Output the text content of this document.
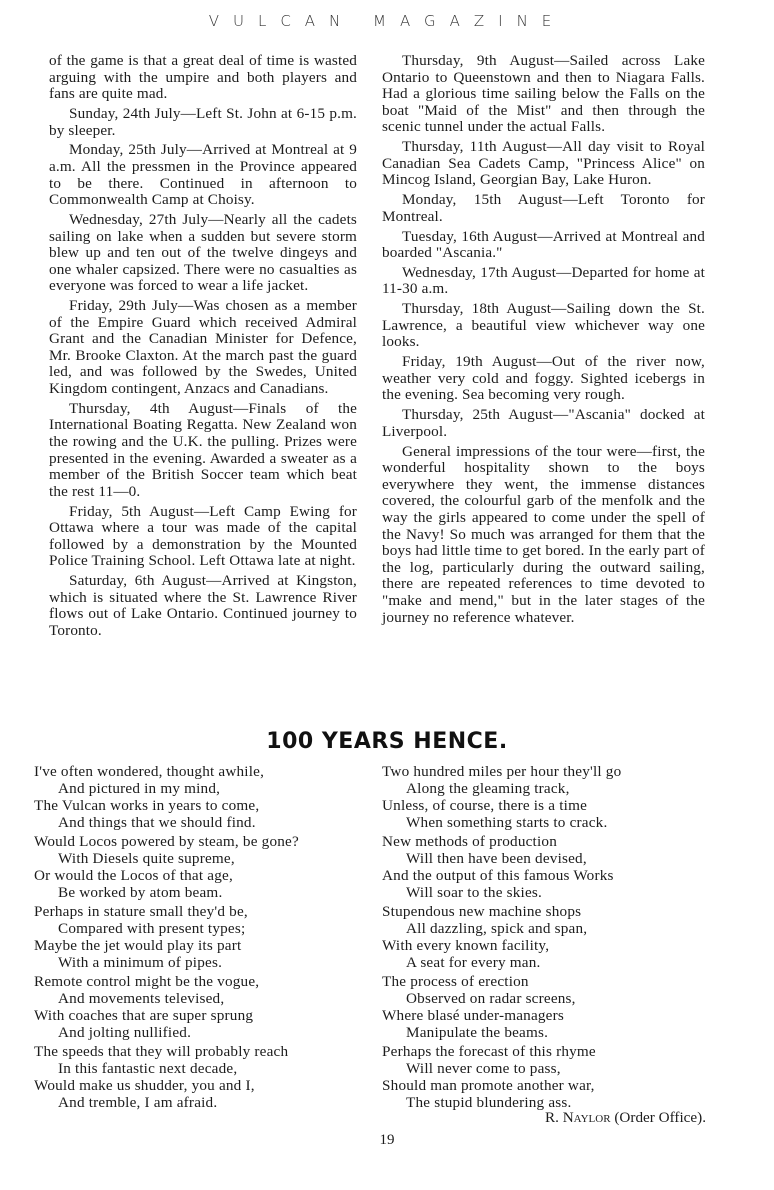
VULCAN MAGAZINE

of the game is that a great deal of time is wasted arguing with the umpire and both players and fans are quite mad.

Sunday, 24th July—Left St. John at 6-15 p.m. by sleeper.

Monday, 25th July—Arrived at Montreal at 9 a.m. All the pressmen in the Province appeared to be there. Continued in afternoon to Commonwealth Camp at Choisy.

Wednesday, 27th July—Nearly all the cadets sailing on lake when a sudden but severe storm blew up and ten out of the twelve dingeys and one whaler capsized. There were no casualties as everyone was forced to wear a life jacket.

Friday, 29th July—Was chosen as a member of the Empire Guard which received Admiral Grant and the Canadian Minister for Defence, Mr. Brooke Claxton. At the march past the guard led, and was followed by the Swedes, United Kingdom contingent, Anzacs and Canadians.

Thursday, 4th August—Finals of the International Boating Regatta. New Zealand won the rowing and the U.K. the pulling. Prizes were presented in the evening. Awarded a sweater as a member of the British Soccer team which beat the rest 11—0.

Friday, 5th August—Left Camp Ewing for Ottawa where a tour was made of the capital followed by a demonstration by the Mounted Police Training School. Left Ottawa late at night.

Saturday, 6th August—Arrived at Kingston, which is situated where the St. Lawrence River flows out of Lake Ontario. Continued journey to Toronto.

Thursday, 9th August—Sailed across Lake Ontario to Queenstown and then to Niagara Falls. Had a glorious time sailing below the Falls on the boat "Maid of the Mist" and then through the scenic tunnel under the actual Falls.

Thursday, 11th August—All day visit to Royal Canadian Sea Cadets Camp, "Princess Alice" on Mincog Island, Georgian Bay, Lake Huron.

Monday, 15th August—Left Toronto for Montreal.

Tuesday, 16th August—Arrived at Montreal and boarded "Ascania."

Wednesday, 17th August—Departed for home at 11-30 a.m.

Thursday, 18th August—Sailing down the St. Lawrence, a beautiful view whichever way one looks.

Friday, 19th August—Out of the river now, weather very cold and foggy. Sighted icebergs in the evening. Sea becoming very rough.

Thursday, 25th August—"Ascania" docked at Liverpool.

General impressions of the tour were—first, the wonderful hospitality shown to the boys everywhere they went, the immense distances covered, the colourful garb of the menfolk and the way the girls appeared to come under the spell of the Navy! So much was arranged for them that the boys had little time to get bored. In the early part of the log, particularly during the outward sailing, there are repeated references to time devoted to "make and mend," but in the later stages of the journey no reference whatever.

100 YEARS HENCE.
I've often wondered, thought awhile,
And pictured in my mind,
The Vulcan works in years to come,
And things that we should find.
Would Locos powered by steam, be gone?
With Diesels quite supreme,
Or would the Locos of that age,
Be worked by atom beam.
Perhaps in stature small they'd be,
Compared with present types;
Maybe the jet would play its part
With a minimum of pipes.
Remote control might be the vogue,
And movements televised,
With coaches that are super sprung
And jolting nullified.
The speeds that they will probably reach
In this fantastic next decade,
Would make us shudder, you and I,
And tremble, I am afraid.
Two hundred miles per hour they'll go
Along the gleaming track,
Unless, of course, there is a time
When something starts to crack.
New methods of production
Will then have been devised,
And the output of this famous Works
Will soar to the skies.
Stupendous new machine shops
All dazzling, spick and span,
With every known facility,
A seat for every man.
The process of erection
Observed on radar screens,
Where blasé under-managers
Manipulate the beams.
Perhaps the forecast of this rhyme
Will never come to pass,
Should man promote another war,
The stupid blundering ass.
R. Naylor (Order Office).
19
